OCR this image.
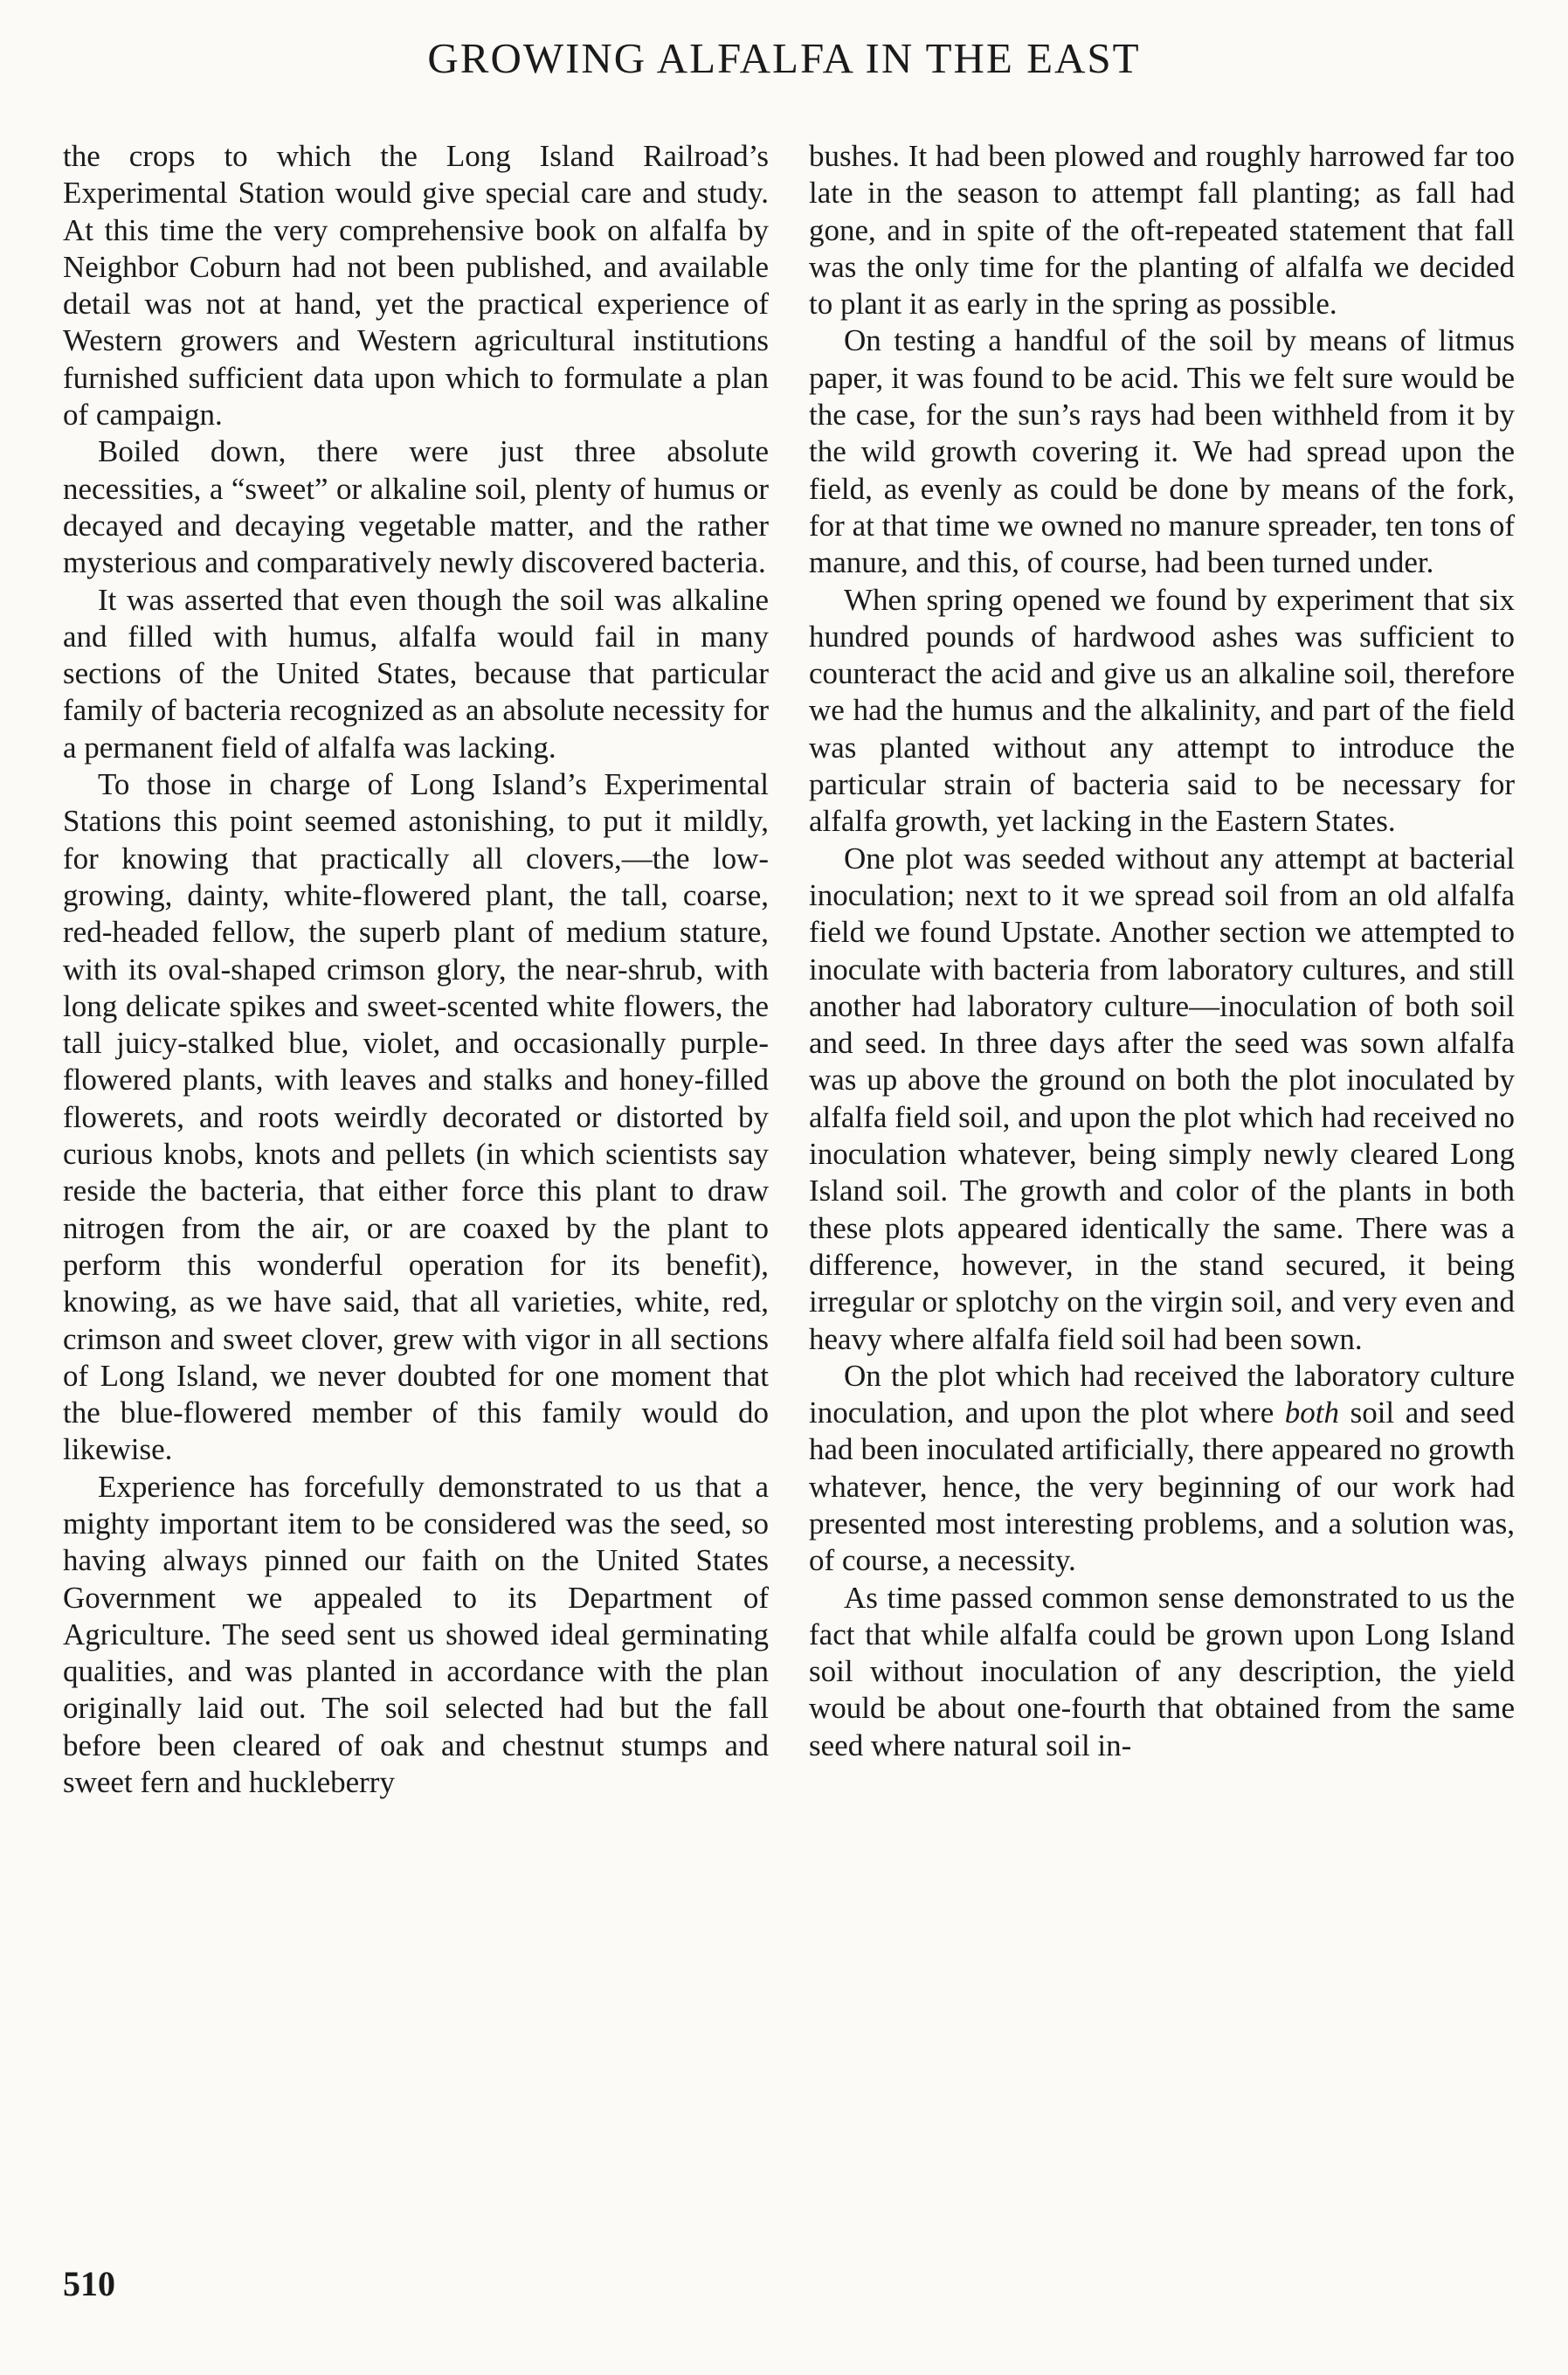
GROWING ALFALFA IN THE EAST

the crops to which the Long Island Railroad’s Experimental Station would give special care and study. At this time the very comprehensive book on alfalfa by Neighbor Coburn had not been published, and available detail was not at hand, yet the practical experience of Western growers and Western agricultural institutions furnished sufficient data upon which to formulate a plan of campaign.

Boiled down, there were just three absolute necessities, a “sweet” or alkaline soil, plenty of humus or decayed and decaying vegetable matter, and the rather mysterious and comparatively newly discovered bacteria.

It was asserted that even though the soil was alkaline and filled with humus, alfalfa would fail in many sections of the United States, because that particular family of bacteria recognized as an absolute necessity for a permanent field of alfalfa was lacking.

To those in charge of Long Island’s Experimental Stations this point seemed astonishing, to put it mildly, for knowing that practically all clovers,—the low-growing, dainty, white-flowered plant, the tall, coarse, red-headed fellow, the superb plant of medium stature, with its oval-shaped crimson glory, the near-shrub, with long delicate spikes and sweet-scented white flowers, the tall juicy-stalked blue, violet, and occasionally purple-flowered plants, with leaves and stalks and honey-filled flowerets, and roots weirdly decorated or distorted by curious knobs, knots and pellets (in which scientists say reside the bacteria, that either force this plant to draw nitrogen from the air, or are coaxed by the plant to perform this wonderful operation for its benefit), knowing, as we have said, that all varieties, white, red, crimson and sweet clover, grew with vigor in all sections of Long Island, we never doubted for one moment that the blue-flowered member of this family would do likewise.

Experience has forcefully demonstrated to us that a mighty important item to be considered was the seed, so having always pinned our faith on the United States Government we appealed to its Department of Agriculture. The seed sent us showed ideal germinating qualities, and was planted in accordance with the plan originally laid out. The soil selected had but the fall before been cleared of oak and chestnut stumps and sweet fern and huckleberry

bushes. It had been plowed and roughly harrowed far too late in the season to attempt fall planting; as fall had gone, and in spite of the oft-repeated statement that fall was the only time for the planting of alfalfa we decided to plant it as early in the spring as possible.

On testing a handful of the soil by means of litmus paper, it was found to be acid. This we felt sure would be the case, for the sun’s rays had been withheld from it by the wild growth covering it. We had spread upon the field, as evenly as could be done by means of the fork, for at that time we owned no manure spreader, ten tons of manure, and this, of course, had been turned under.

When spring opened we found by experiment that six hundred pounds of hardwood ashes was sufficient to counteract the acid and give us an alkaline soil, therefore we had the humus and the alkalinity, and part of the field was planted without any attempt to introduce the particular strain of bacteria said to be necessary for alfalfa growth, yet lacking in the Eastern States.

One plot was seeded without any attempt at bacterial inoculation; next to it we spread soil from an old alfalfa field we found Upstate. Another section we attempted to inoculate with bacteria from laboratory cultures, and still another had laboratory culture—inoculation of both soil and seed. In three days after the seed was sown alfalfa was up above the ground on both the plot inoculated by alfalfa field soil, and upon the plot which had received no inoculation whatever, being simply newly cleared Long Island soil. The growth and color of the plants in both these plots appeared identically the same. There was a difference, however, in the stand secured, it being irregular or splotchy on the virgin soil, and very even and heavy where alfalfa field soil had been sown.

On the plot which had received the laboratory culture inoculation, and upon the plot where both soil and seed had been inoculated artificially, there appeared no growth whatever, hence, the very beginning of our work had presented most interesting problems, and a solution was, of course, a necessity.

As time passed common sense demonstrated to us the fact that while alfalfa could be grown upon Long Island soil without inoculation of any description, the yield would be about one-fourth that obtained from the same seed where natural soil in-

510
